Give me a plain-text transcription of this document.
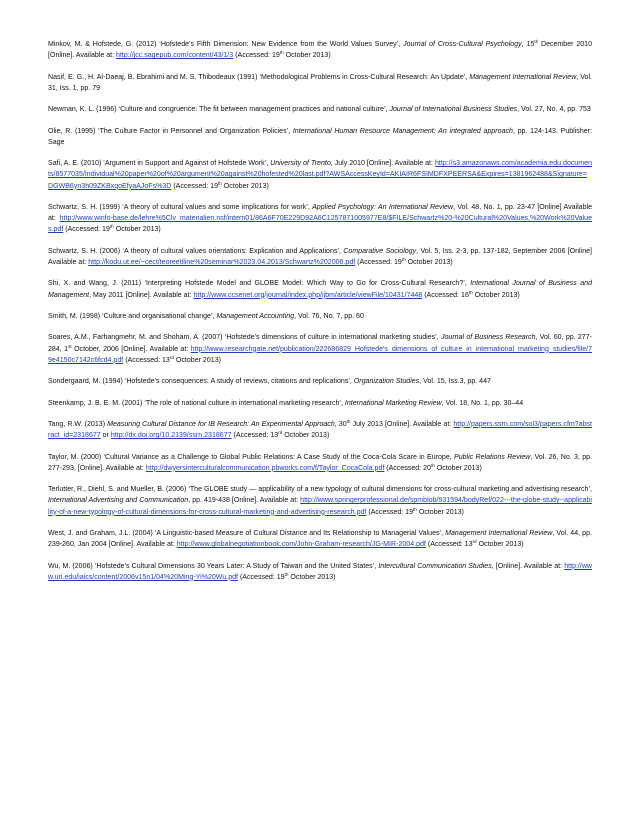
Minkov, M. & Hofstede, G. (2012) ‘Hofstede’s Fifth Dimension: New Evidence from the World Values Survey’, Journal of Cross-Cultural Psychology, 15th December 2010 [Online]. Available at: http://jcc.sagepub.com/content/43/1/3 (Accessed: 19th October 2013)

Nasif, E. G., H. Al-Daeaj, B. Ebrahimi and M. S. Thibodeaux (1991) ‘Methodological Problems in Cross-Cultural Research: An Update’, Management International Review, Vol. 31, Iss. 1, pp. 79

Newman, K. L. (1996) ‘Culture and congruence: The fit between management practices and national culture’, Journal of International Business Studies, Vol. 27, No. 4, pp. 753

Olie, R. (1995) ‘The Culture Factor in Personnel and Organization Policies’, International Human Resource Management: An integrated approach, pp. 124-143. Publisher: Sage

Safi, A. E. (2010) ‘Argument in Support and Against of Hofstede Work’, University of Trento, July 2010 [Online]. Available at: http://s3.amazonaws.com/academia.edu.documents/8577035/Individual%20paper%20of%20argument%20against%20hofested%20last.pdf?AWSAccessKeyId=AKIAIR6FSIMDFXPEERSA&Expires=1381962488&Signature=DGWB6yn3h09ZKBxqoEfyaAJoFs%3D (Accessed: 19th October 2013)

Schwartz, S. H. (1999) ‘A theory of cultural values and some implications for work’, Applied Psychology: An International Review, Vol. 48, No. 1, pp. 23-47 [Online] Available at: http://www.winfo-base.de/lehre%5Clv_materialien.nsf/intern01/86A6F70E229D92A6C1257871005977E8/$FILE/Schwartz%20-%20Cultural%20Values,%20Work%20Values.pdf (Accessed: 19th October 2013)

Schwartz, S. H. (2006) ‘A theory of cultural values orientations: Explication and Applications’, Comparative Sociology, Vol. 5, Iss. 2-3, pp. 137-182, September 2006 [Online] Available at: http://kodu.ut.ee/~cect/teoreetiline%20seminar%2023.04.2013/Schwartz%202006.pdf (Accessed: 19th October 2013)

Shi, X. and Wang, J. (2011) ‘Interpreting Hofstede Model and GLOBE Model: Which Way to Go for Cross-Cultural Research?’, International Journal of Business and Management, May 2011 [Online]. Available at: http://www.ccsenet.org/journal/index.php/ijbm/article/viewFile/10431/7448 (Accessed: 16th October 2013)

Smith, M. (1998) ‘Culture and organisational change’, Management Accounting, Vol. 76, No. 7, pp. 60

Soares, A.M., Farhangmehr, M. and Shoham, A. (2007) ‘Hofstede’s dimensions of culture in international marketing studies’, Journal of Business Research, Vol. 60, pp. 277-284, 1st October, 2006 [Online]. Available at: http://www.researchgate.net/publication/222686829_Hofstede's_dimensions_of_culture_in_international_marketing_studies/file/79e4150c7142c6fcd4.pdf (Accessed: 13rd October 2013)

Sondergaard, M. (1994) ‘Hofstede’s consequences: A study of reviews, citations and replications’, Organization Studies, Vol. 15, Iss.3, pp. 447

Steenkamp, J. B. E. M. (2001) ‘The role of national culture in international marketing research’, International Marketing Review, Vol. 18, No. 1, pp. 30–44

Tang, R.W. (2013) Measuring Cultural Distance for IB Research: An Experimental Approach, 30th July 2013 [Online]. Available at: http://papers.ssrn.com/sol3/papers.cfm?abstract_id=2318677 or http://dx.doi.org/10.2139/ssrn.2318677 (Accessed: 13rd October 2013)

Taylor, M. (2000) ‘Cultural Variance as a Challenge to Global Public Relations: A Case Study of the Coca-Cola Scare in Europe, Public Relations Review, Vol. 26, No. 3, pp. 277-293, [Online]. Available at: http://dwyersinterculturalcommunication.pbworks.com/f/Taylor_CocaCola.pdf (Accessed: 20th October 2013)

Terlutter, R., Diehl, S. and Mueller, B. (2006) ‘The GLOBE study — applicability of a new typology of cultural dimensions for cross-cultural marketing and advertising research’, International Advertising and Communication, pp. 419-438 [Online]. Available at: http://www.springerprofessional.de/spmblob/931594/bodyRef/022---the-globe-study--applicability-of-a-new-typology-of-cultural-dimensions-for-cross-cultural-marketing-and-advertising-research.pdf (Accessed: 19th October 2013)

West, J. and Graham, J.L. (2004) ‘A Linguistic-based Measure of Cultural Distance and Its Relationship to Managerial Values’, Management International Review, Vol. 44, pp. 239-260, Jan 2004 [Online]. Available at: http://www.globalnegotiationbook.com/John-Graham-research/JG-MIR-2004.pdf (Accessed: 13rd October 2013)

Wu, M. (2006) ‘Hofstede’s Cultural Dimensions 30 Years Later: A Study of Taiwan and the United States’, Intercultural Communication Studies, [Online]. Available at: http://www.uri.edu/iaics/content/2006v15n1/04%20Ming-Yi%20Wu.pdf (Accessed: 19th October 2013)
